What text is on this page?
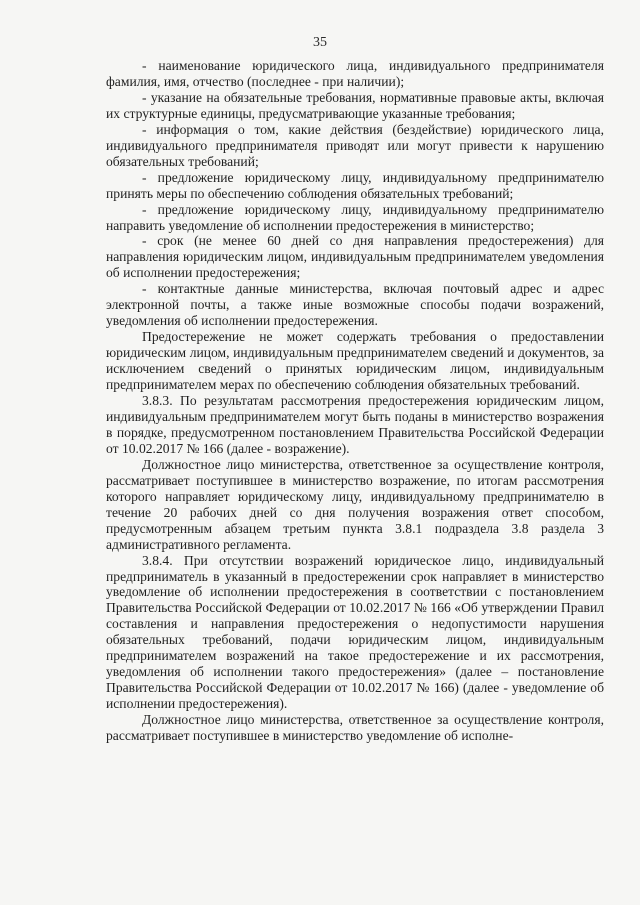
35

- наименование юридического лица, индивидуального предпринимателя фамилия, имя, отчество (последнее - при наличии);

- указание на обязательные требования, нормативные правовые акты, включая их структурные единицы, предусматривающие указанные требования;

- информация о том, какие действия (бездействие) юридического лица, индивидуального предпринимателя приводят или могут привести к нарушению обязательных требований;

- предложение юридическому лицу, индивидуальному предпринимателю принять меры по обеспечению соблюдения обязательных требований;

- предложение юридическому лицу, индивидуальному предпринимателю направить уведомление об исполнении предостережения в министерство;

- срок (не менее 60 дней со дня направления предостережения) для направления юридическим лицом, индивидуальным предпринимателем уведомления об исполнении предостережения;

- контактные данные министерства, включая почтовый адрес и адрес электронной почты, а также иные возможные способы подачи возражений, уведомления об исполнении предостережения.

Предостережение не может содержать требования о предоставлении юридическим лицом, индивидуальным предпринимателем сведений и документов, за исключением сведений о принятых юридическим лицом, индивидуальным предпринимателем мерах по обеспечению соблюдения обязательных требований.

3.8.3. По результатам рассмотрения предостережения юридическим лицом, индивидуальным предпринимателем могут быть поданы в министерство возражения в порядке, предусмотренном постановлением Правительства Российской Федерации от 10.02.2017 № 166 (далее - возражение).

Должностное лицо министерства, ответственное за осуществление контроля, рассматривает поступившее в министерство возражение, по итогам рассмотрения которого направляет юридическому лицу, индивидуальному предпринимателю в течение 20 рабочих дней со дня получения возражения ответ способом, предусмотренным абзацем третьим пункта 3.8.1 подраздела 3.8 раздела 3 административного регламента.

3.8.4. При отсутствии возражений юридическое лицо, индивидуальный предприниматель в указанный в предостережении срок направляет в министерство уведомление об исполнении предостережения в соответствии с постановлением Правительства Российской Федерации от 10.02.2017 № 166 «Об утверждении Правил составления и направления предостережения о недопустимости нарушения обязательных требований, подачи юридическим лицом, индивидуальным предпринимателем возражений на такое предостережение и их рассмотрения, уведомления об исполнении такого предостережения» (далее – постановление Правительства Российской Федерации от 10.02.2017 № 166) (далее - уведомление об исполнении предостережения).

Должностное лицо министерства, ответственное за осуществление контроля, рассматривает поступившее в министерство уведомление об исполне-
